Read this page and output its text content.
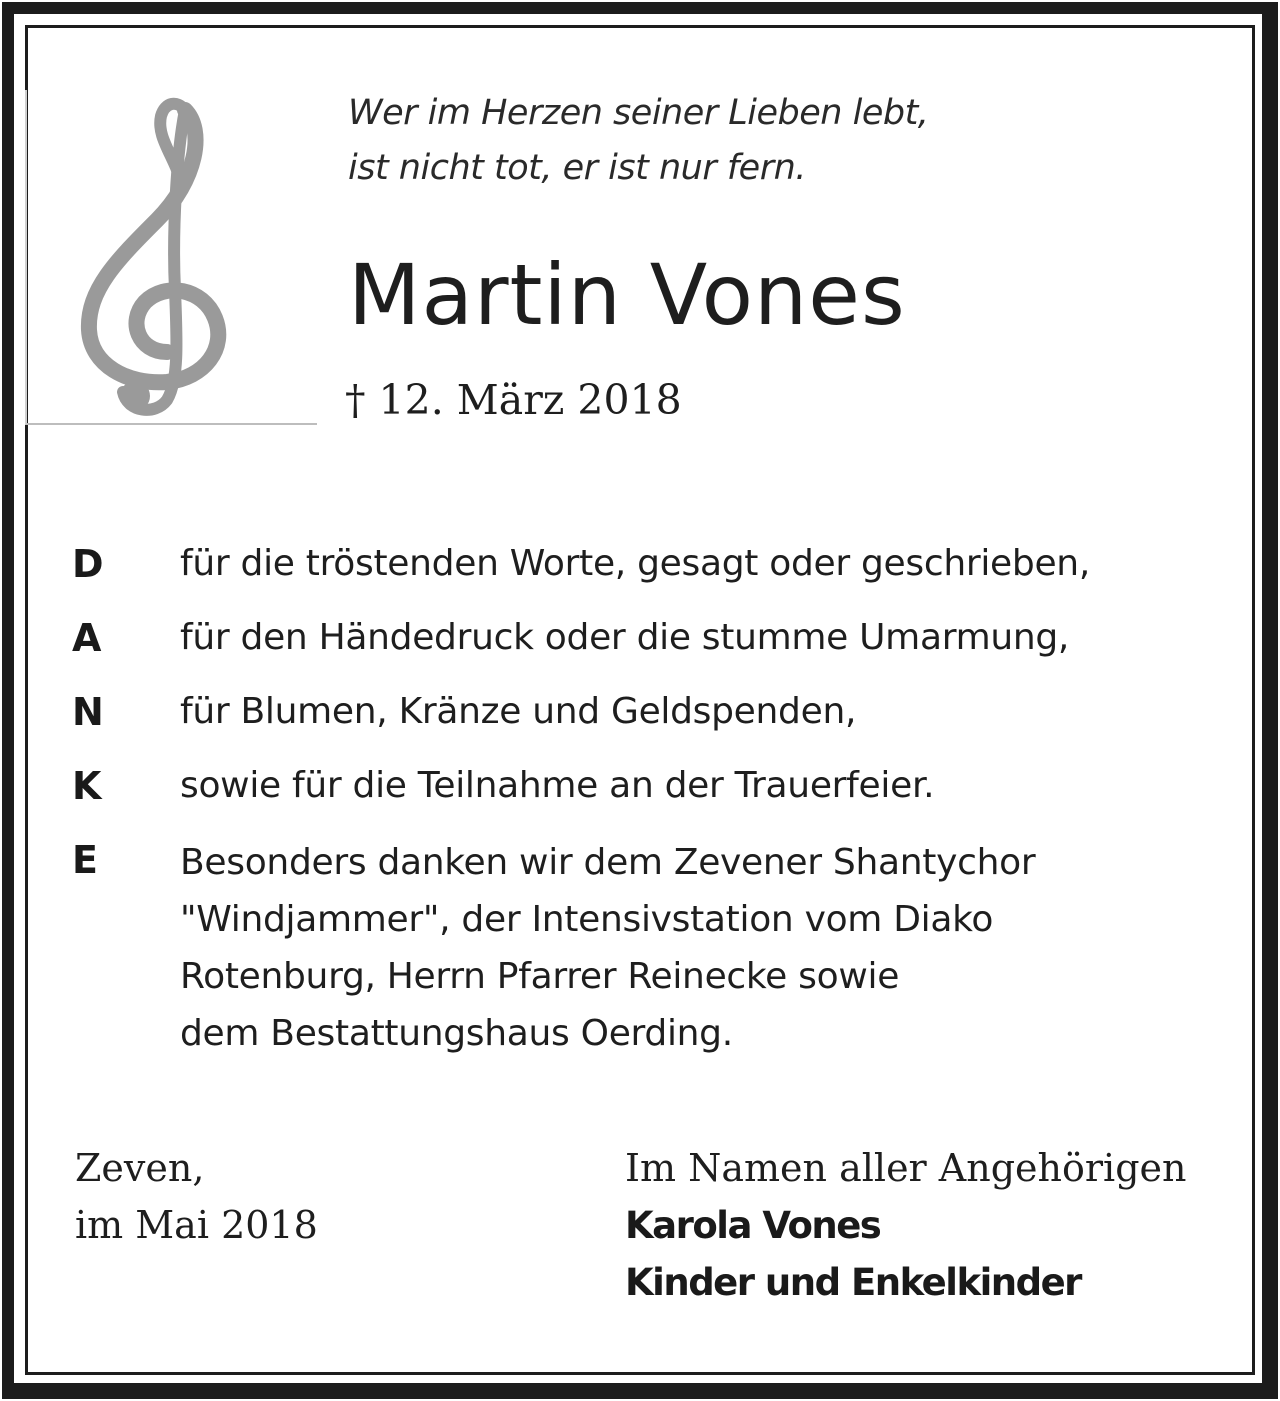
Wer im Herzen seiner Lieben lebt,
ist nicht tot, er ist nur fern.
Martin Vones
† 12. März 2018
D
A
N
K
E
für die tröstenden Worte, gesagt oder geschrieben,
für den Händedruck oder die stumme Umarmung,
für Blumen, Kränze und Geldspenden,
sowie für die Teilnahme an der Trauerfeier.
Besonders danken wir dem Zevener Shantychor
"Windjammer", der Intensivstation vom Diako
Rotenburg, Herrn Pfarrer Reinecke sowie
dem Bestattungshaus Oerding.
Zeven,
im Mai 2018
Im Namen aller Angehörigen
Karola Vones
Kinder und Enkelkinder
